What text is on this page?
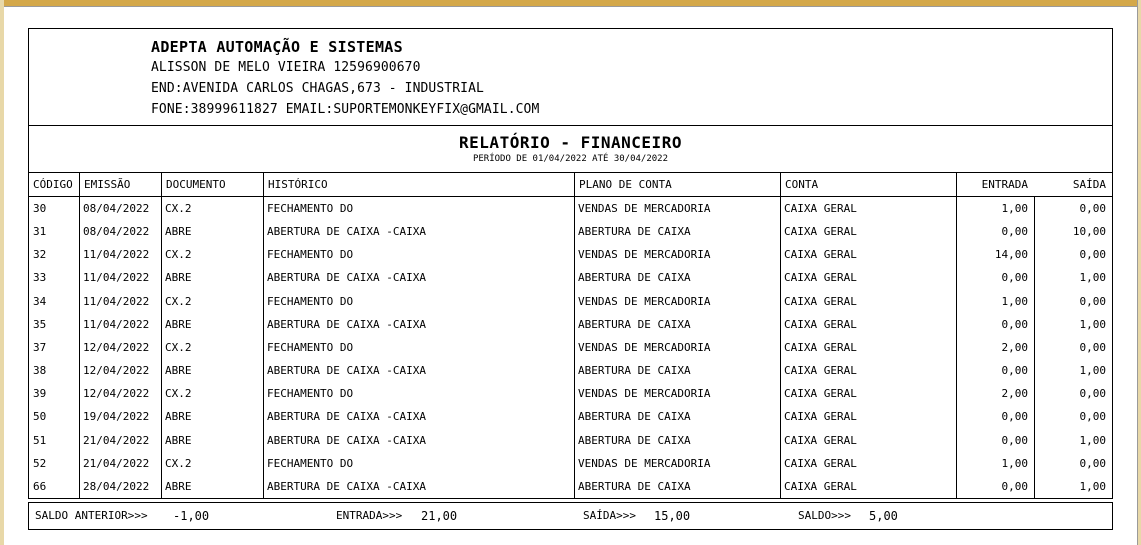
ADEPTA AUTOMAÇÃO E SISTEMAS
ALISSON DE MELO VIEIRA 12596900670
END:AVENIDA CARLOS CHAGAS,673 - INDUSTRIAL
FONE:38999611827 EMAIL:SUPORTEMONKEYFIX@GMAIL.COM
RELATÓRIO - FINANCEIRO
PERÍODO DE 01/04/2022 ATÉ 30/04/2022
CÓDIGO	EMISSÃO	DOCUMENTO	HISTÓRICO	PLANO DE CONTA	CONTA	ENTRADA	SAÍDA
30	08/04/2022	CX.2	FECHAMENTO DO	VENDAS DE MERCADORIA	CAIXA GERAL	1,00	0,00
31	08/04/2022	ABRE	ABERTURA DE CAIXA -CAIXA	ABERTURA DE CAIXA	CAIXA GERAL	0,00	10,00
32	11/04/2022	CX.2	FECHAMENTO DO	VENDAS DE MERCADORIA	CAIXA GERAL	14,00	0,00
33	11/04/2022	ABRE	ABERTURA DE CAIXA -CAIXA	ABERTURA DE CAIXA	CAIXA GERAL	0,00	1,00
34	11/04/2022	CX.2	FECHAMENTO DO	VENDAS DE MERCADORIA	CAIXA GERAL	1,00	0,00
35	11/04/2022	ABRE	ABERTURA DE CAIXA -CAIXA	ABERTURA DE CAIXA	CAIXA GERAL	0,00	1,00
37	12/04/2022	CX.2	FECHAMENTO DO	VENDAS DE MERCADORIA	CAIXA GERAL	2,00	0,00
38	12/04/2022	ABRE	ABERTURA DE CAIXA -CAIXA	ABERTURA DE CAIXA	CAIXA GERAL	0,00	1,00
39	12/04/2022	CX.2	FECHAMENTO DO	VENDAS DE MERCADORIA	CAIXA GERAL	2,00	0,00
50	19/04/2022	ABRE	ABERTURA DE CAIXA -CAIXA	ABERTURA DE CAIXA	CAIXA GERAL	0,00	0,00
51	21/04/2022	ABRE	ABERTURA DE CAIXA -CAIXA	ABERTURA DE CAIXA	CAIXA GERAL	0,00	1,00
52	21/04/2022	CX.2	FECHAMENTO DO	VENDAS DE MERCADORIA	CAIXA GERAL	1,00	0,00
66	28/04/2022	ABRE	ABERTURA DE CAIXA -CAIXA	ABERTURA DE CAIXA	CAIXA GERAL	0,00	1,00
SALDO ANTERIOR>>> -1,00	ENTRADA>>> 21,00	SAÍDA>>> 15,00	SALDO>>> 5,00
